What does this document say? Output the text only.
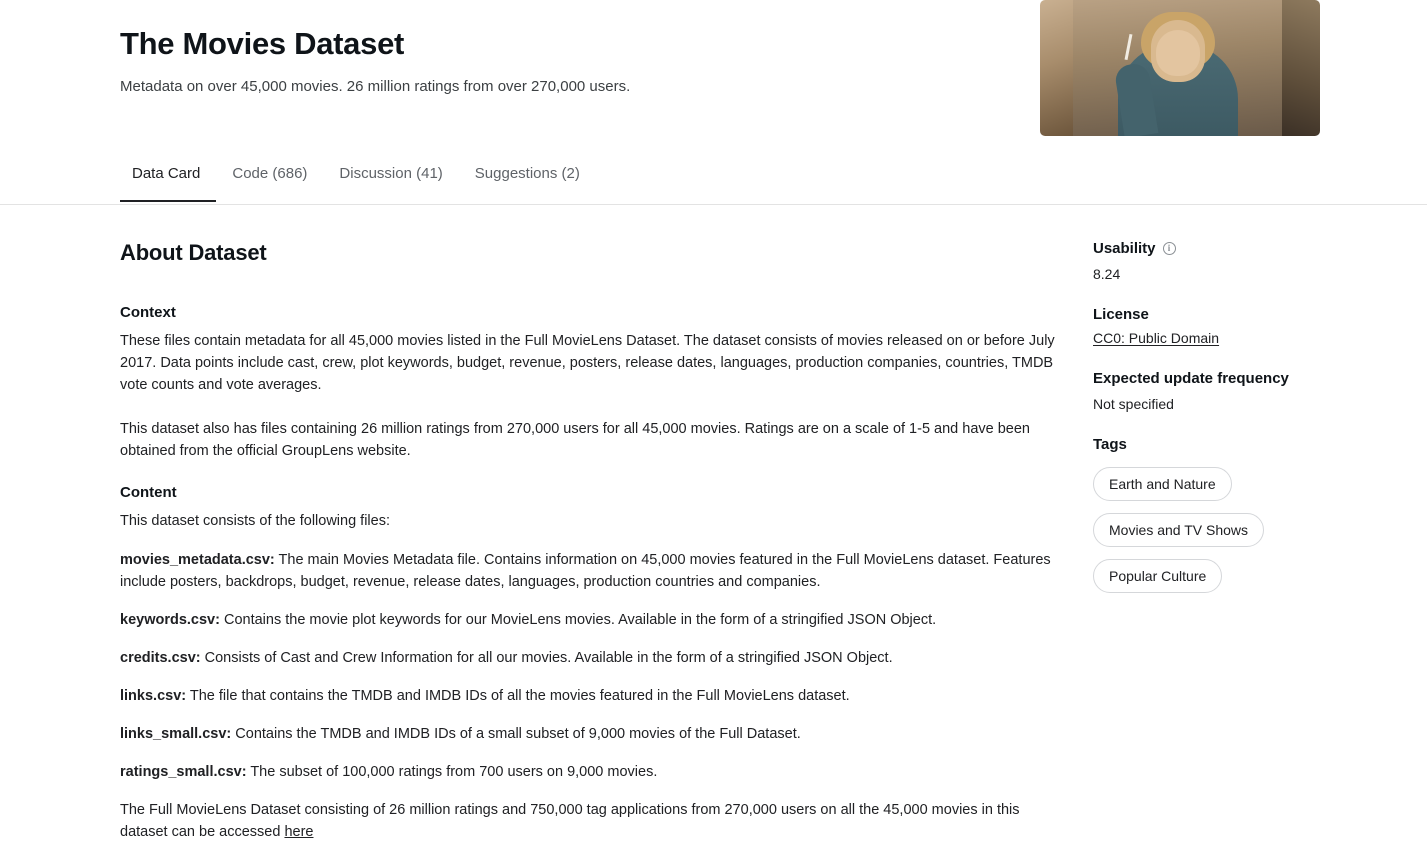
The Movies Dataset
Metadata on over 45,000 movies. 26 million ratings from over 270,000 users.
Data Card	Code (686)	Discussion (41)	Suggestions (2)
About Dataset
Context

These files contain metadata for all 45,000 movies listed in the Full MovieLens Dataset. The dataset consists of movies released on or before July 2017. Data points include cast, crew, plot keywords, budget, revenue, posters, release dates, languages, production companies, countries, TMDB vote counts and vote averages.

This dataset also has files containing 26 million ratings from 270,000 users for all 45,000 movies. Ratings are on a scale of 1-5 and have been obtained from the official GroupLens website.

Content

This dataset consists of the following files:

movies_metadata.csv: The main Movies Metadata file. Contains information on 45,000 movies featured in the Full MovieLens dataset. Features include posters, backdrops, budget, revenue, release dates, languages, production countries and companies.

keywords.csv: Contains the movie plot keywords for our MovieLens movies. Available in the form of a stringified JSON Object.

credits.csv: Consists of Cast and Crew Information for all our movies. Available in the form of a stringified JSON Object.

links.csv: The file that contains the TMDB and IMDB IDs of all the movies featured in the Full MovieLens dataset.

links_small.csv: Contains the TMDB and IMDB IDs of a small subset of 9,000 movies of the Full Dataset.

ratings_small.csv: The subset of 100,000 ratings from 700 users on 9,000 movies.

The Full MovieLens Dataset consisting of 26 million ratings and 750,000 tag applications from 270,000 users on all the 45,000 movies in this dataset can be accessed here

Usability	i
8.24
License
CC0: Public Domain
Expected update frequency
Not specified
Tags
Earth and Nature
Movies and TV Shows
Popular Culture
